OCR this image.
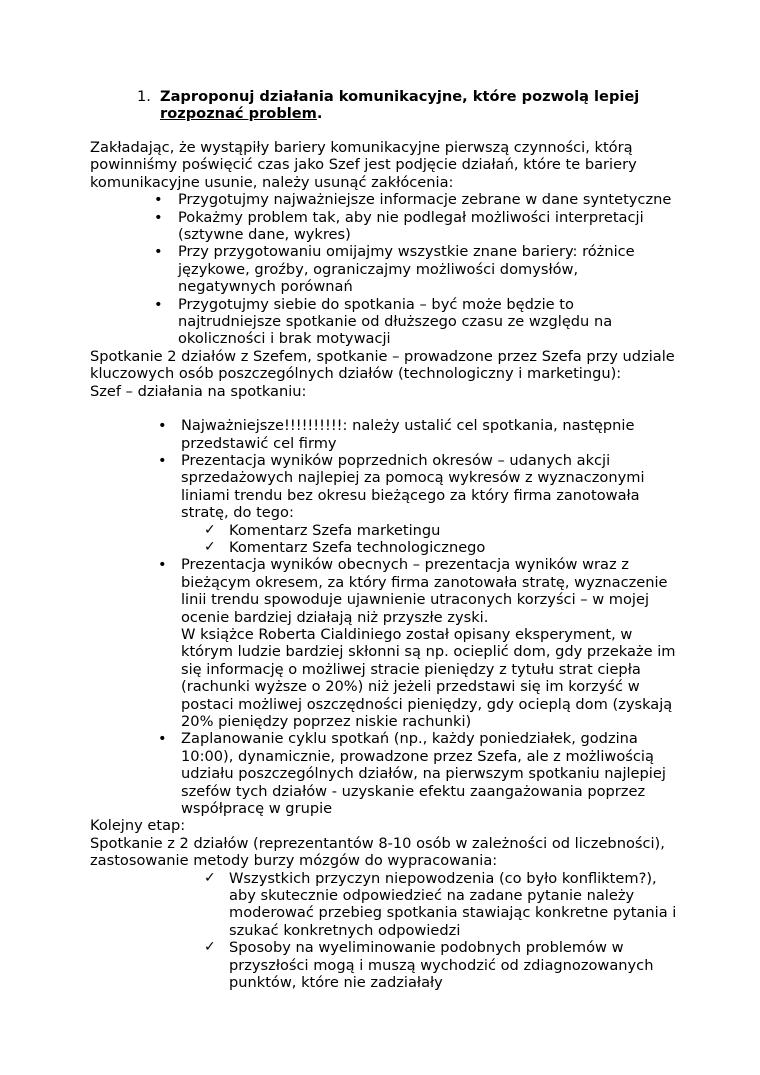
1. Zaproponuj działania komunikacyjne, które pozwolą lepiej rozpoznać problem.

Zakładając, że wystąpiły bariery komunikacyjne pierwszą czynności, którą powinniśmy poświęcić czas jako Szef jest podjęcie działań, które te bariery komunikacyjne usunie, należy usunąć zakłócenia:

• Przygotujmy najważniejsze informacje zebrane w dane syntetyczne
• Pokażmy problem tak, aby nie podlegał możliwości interpretacji (sztywne dane, wykres)
• Przy przygotowaniu omijajmy wszystkie znane bariery: różnice językowe, groźby, ograniczajmy możliwości domysłów, negatywnych porównań
• Przygotujmy siebie do spotkania – być może będzie to najtrudniejsze spotkanie od dłuższego czasu ze względu na okoliczności i brak motywacji

Spotkanie 2 działów z Szefem, spotkanie – prowadzone przez Szefa przy udziale kluczowych osób poszczególnych działów (technologiczny i marketingu):

Szef – działania na spotkaniu:

• Najważniejsze!!!!!!!!!!: należy ustalić cel spotkania, następnie przedstawić cel firmy
• Prezentacja wyników poprzednich okresów – udanych akcji sprzedażowych najlepiej za pomocą wykresów z wyznaczonymi liniami trendu bez okresu bieżącego za który firma zanotowała stratę, do tego:
✓ Komentarz Szefa marketingu
✓ Komentarz Szefa technologicznego
• Prezentacja wyników obecnych – prezentacja wyników wraz z bieżącym okresem, za który firma zanotowała stratę, wyznaczenie linii trendu spowoduje ujawnienie utraconych korzyści – w mojej ocenie bardziej działają niż przyszłe zyski.
W książce Roberta Cialdiniego został opisany eksperyment, w którym ludzie bardziej skłonni są np. ocieplić dom, gdy przekaże im się informację o możliwej stracie pieniędzy z tytułu strat ciepła (rachunki wyższe o 20%) niż jeżeli przedstawi się im korzyść w postaci możliwej oszczędności pieniędzy, gdy ocieplą dom (zyskają 20% pieniędzy poprzez niskie rachunki)
• Zaplanowanie cyklu spotkań (np., każdy poniedziałek, godzina 10:00), dynamicznie, prowadzone przez Szefa, ale z możliwością udziału poszczególnych działów, na pierwszym spotkaniu najlepiej szefów tych działów - uzyskanie efektu zaangażowania poprzez współpracę w grupie

Kolejny etap:

Spotkanie z 2 działów (reprezentantów 8-10 osób w zależności od liczebności), zastosowanie metody burzy mózgów do wypracowania:

✓ Wszystkich przyczyn niepowodzenia (co było konfliktem?), aby skutecznie odpowiedzieć na zadane pytanie należy moderować przebieg spotkania stawiając konkretne pytania i szukać konkretnych odpowiedzi
✓ Sposoby na wyeliminowanie podobnych problemów w przyszłości mogą i muszą wychodzić od zdiagnozowanych punktów, które nie zadziałały
